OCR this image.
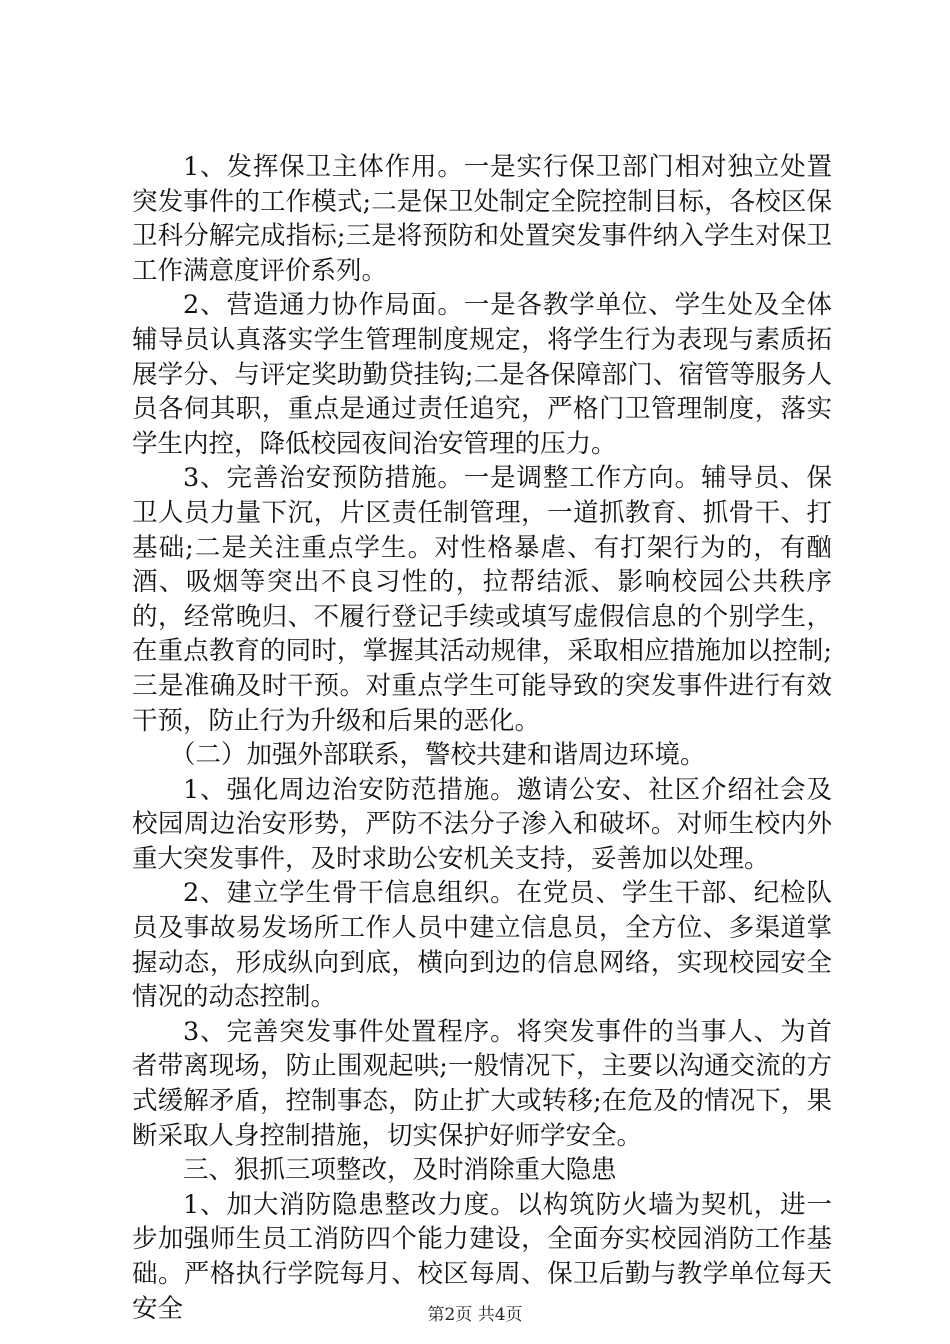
1、发挥保卫主体作用。一是实行保卫部门相对独立处置突发事件的工作模式;二是保卫处制定全院控制目标，各校区保卫科分解完成指标;三是将预防和处置突发事件纳入学生对保卫工作满意度评价系列。

2、营造通力协作局面。一是各教学单位、学生处及全体辅导员认真落实学生管理制度规定，将学生行为表现与素质拓展学分、与评定奖助勤贷挂钩;二是各保障部门、宿管等服务人员各伺其职，重点是通过责任追究，严格门卫管理制度，落实学生内控，降低校园夜间治安管理的压力。

3、完善治安预防措施。一是调整工作方向。辅导员、保卫人员力量下沉，片区责任制管理，一道抓教育、抓骨干、打基础;二是关注重点学生。对性格暴虐、有打架行为的，有酗酒、吸烟等突出不良习性的，拉帮结派、影响校园公共秩序的，经常晚归、不履行登记手续或填写虚假信息的个别学生，在重点教育的同时，掌握其活动规律，采取相应措施加以控制;三是准确及时干预。对重点学生可能导致的突发事件进行有效干预，防止行为升级和后果的恶化。

（二）加强外部联系，警校共建和谐周边环境。

1、强化周边治安防范措施。邀请公安、社区介绍社会及校园周边治安形势，严防不法分子渗入和破坏。对师生校内外重大突发事件，及时求助公安机关支持，妥善加以处理。

2、建立学生骨干信息组织。在党员、学生干部、纪检队员及事故易发场所工作人员中建立信息员，全方位、多渠道掌握动态，形成纵向到底，横向到边的信息网络，实现校园安全情况的动态控制。

3、完善突发事件处置程序。将突发事件的当事人、为首者带离现场，防止围观起哄;一般情况下，主要以沟通交流的方式缓解矛盾，控制事态，防止扩大或转移;在危及的情况下，果断采取人身控制措施，切实保护好师学安全。

三、狠抓三项整改，及时消除重大隐患

1、加大消防隐患整改力度。以构筑防火墙为契机，进一步加强师生员工消防四个能力建设，全面夯实校园消防工作基础。严格执行学院每月、校区每周、保卫后勤与教学单位每天安全	第2页 共4页
